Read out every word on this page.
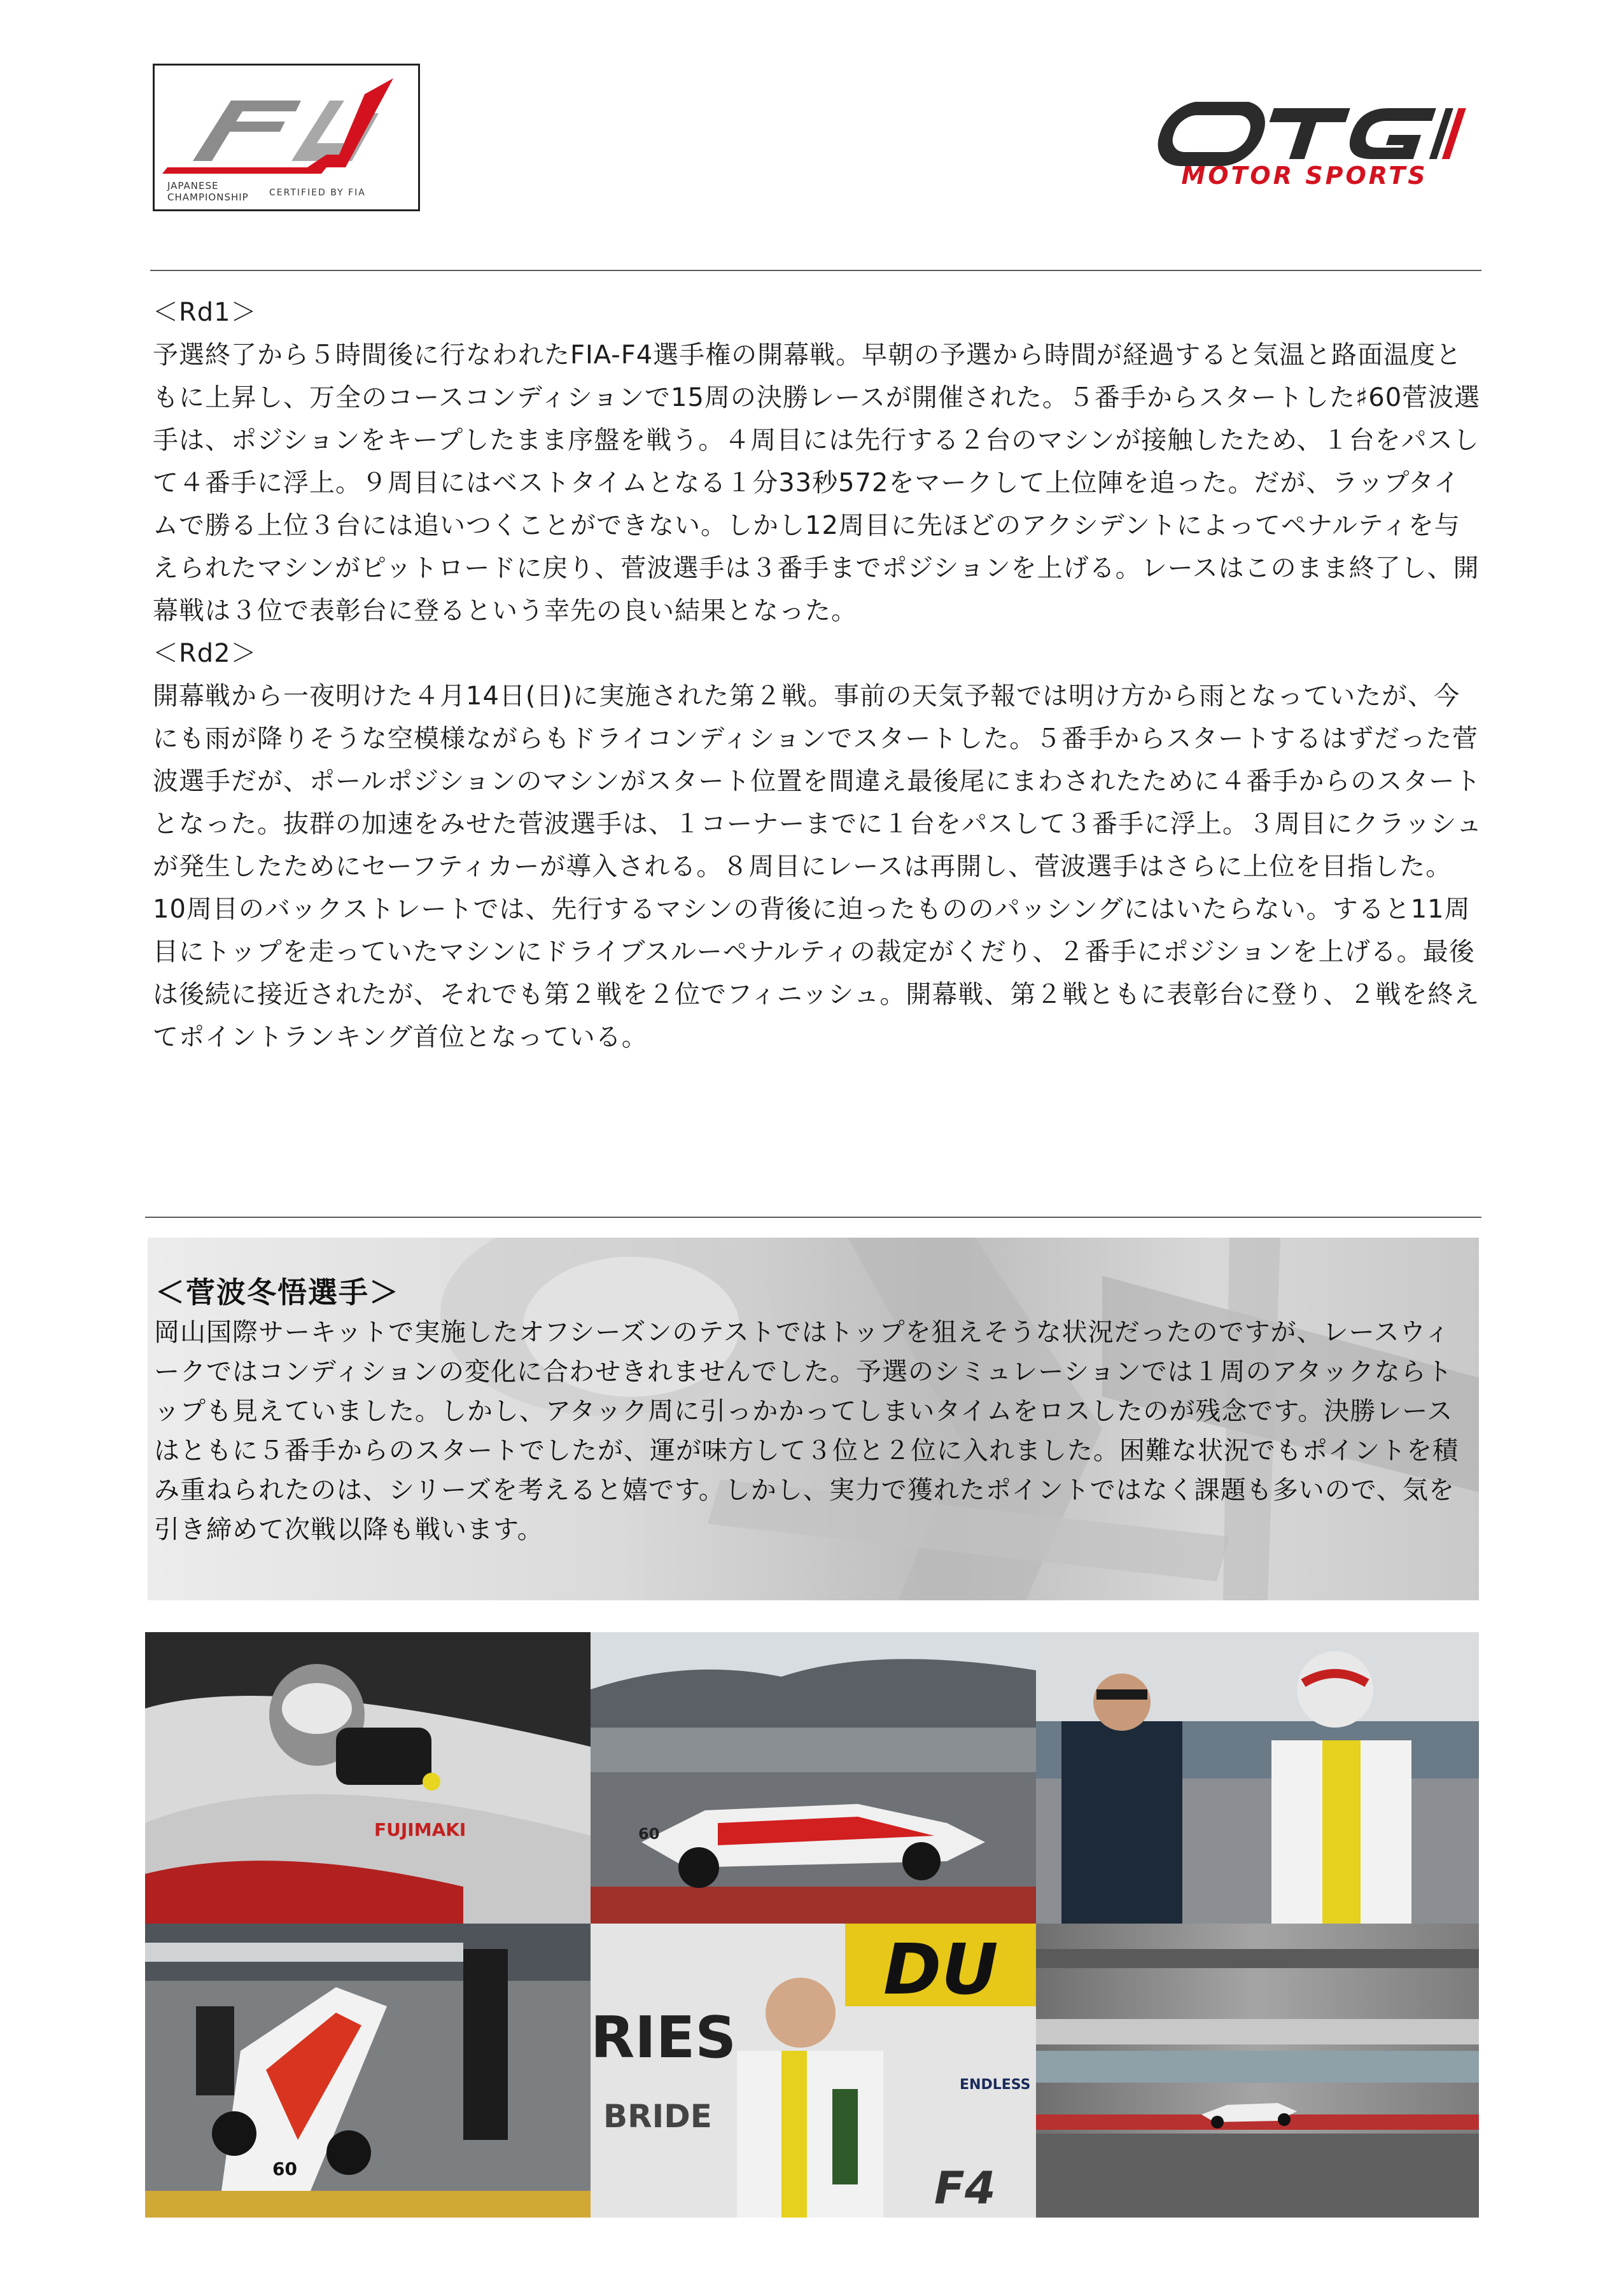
JAPANESE
CHAMPIONSHIP CERTIFIED BY FIA
MOTOR SPORTS
＜Rd1＞

予選終了から５時間後に行なわれたFIA-F4選手権の開幕戦。早朝の予選から時間が経過すると気温と路面温度ともに上昇し、万全のコースコンディションで15周の決勝レースが開催された。５番手からスタートした♯60菅波選手は、ポジションをキープしたまま序盤を戦う。４周目には先行する２台のマシンが接触したため、１台をパスして４番手に浮上。９周目にはベストタイムとなる１分33秒572をマークして上位陣を追った。だが、ラップタイムで勝る上位３台には追いつくことができない。しかし12周目に先ほどのアクシデントによってペナルティを与えられたマシンがピットロードに戻り、菅波選手は３番手までポジションを上げる。レースはこのまま終了し、開幕戦は３位で表彰台に登るという幸先の良い結果となった。

＜Rd2＞

開幕戦から一夜明けた４月14日(日)に実施された第２戦。事前の天気予報では明け方から雨となっていたが、今にも雨が降りそうな空模様ながらもドライコンディションでスタートした。５番手からスタートするはずだった菅波選手だが、ポールポジションのマシンがスタート位置を間違え最後尾にまわされたために４番手からのスタートとなった。抜群の加速をみせた菅波選手は、１コーナーまでに１台をパスして３番手に浮上。３周目にクラッシュが発生したためにセーフティカーが導入される。８周目にレースは再開し、菅波選手はさらに上位を目指した。10周目のバックストレートでは、先行するマシンの背後に迫ったもののパッシングにはいたらない。すると11周目にトップを走っていたマシンにドライブスルーペナルティの裁定がくだり、２番手にポジションを上げる。最後は後続に接近されたが、それでも第２戦を２位でフィニッシュ。開幕戦、第２戦ともに表彰台に登り、２戦を終えてポイントランキング首位となっている。

＜菅波冬悟選手＞
岡山国際サーキットで実施したオフシーズンのテストではトップを狙えそうな状況だったのですが、レースウィークではコンディションの変化に合わせきれませんでした。予選のシミュレーションでは１周のアタックならトップも見えていました。しかし、アタック周に引っかかってしまいタイムをロスしたのが残念です。決勝レースはともに５番手からのスタートでしたが、運が味方して３位と２位に入れました。困難な状況でもポイントを積み重ねられたのは、シリーズを考えると嬉です。しかし、実力で獲れたポイントではなく課題も多いので、気を引き締めて次戦以降も戦います。
FUJIMAKI	60
60
DU
RIES
BRIDE
ENDLESS
F4
